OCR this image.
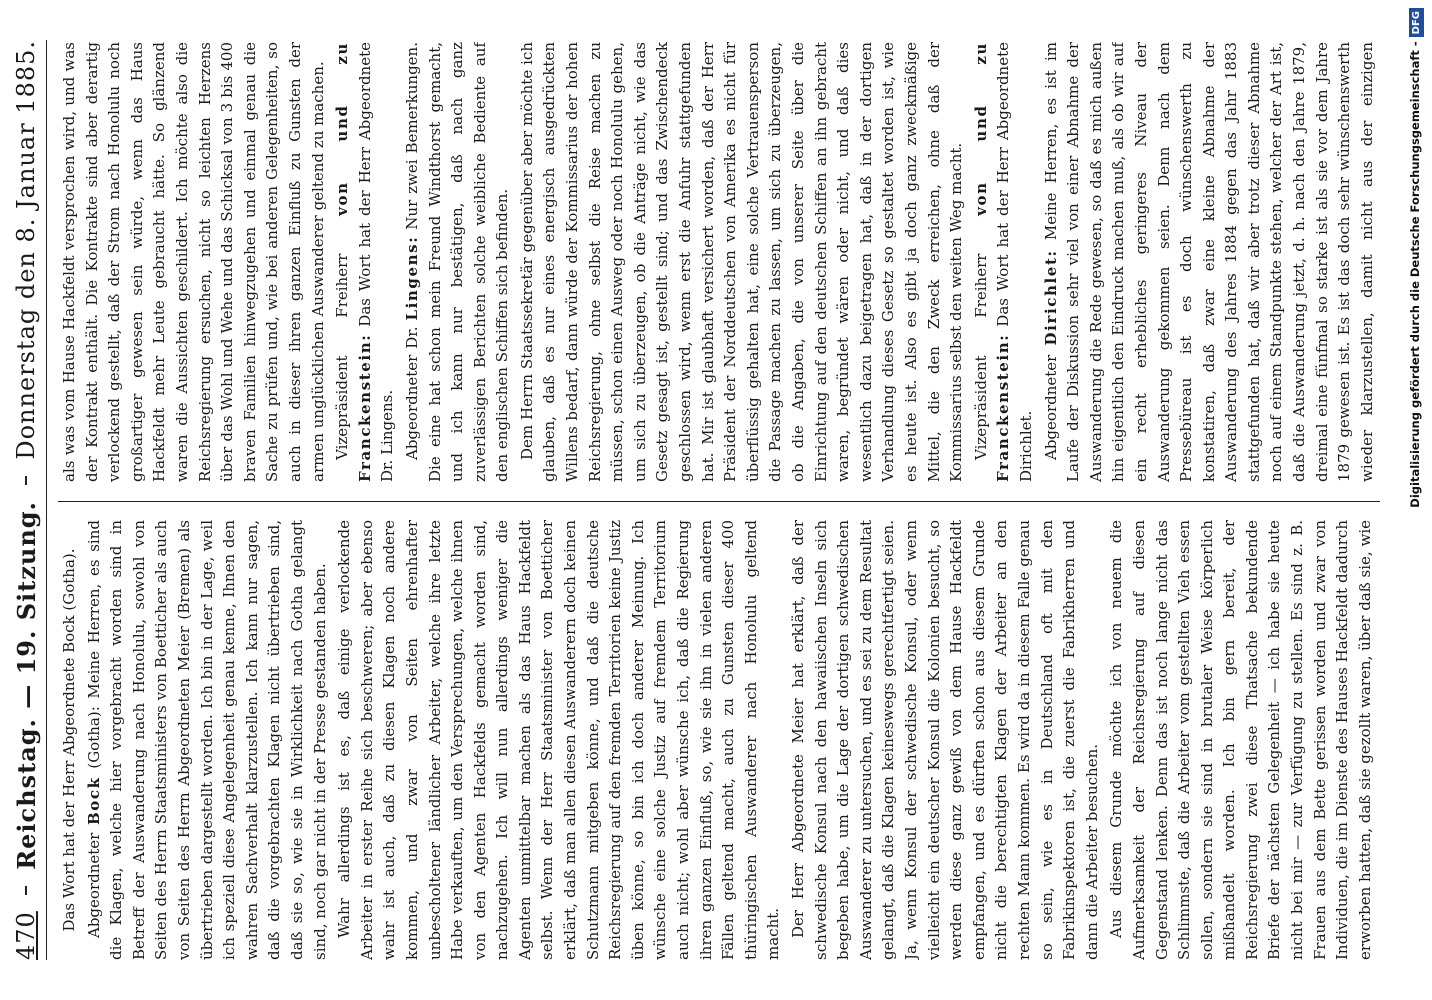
470
Reichstag. — 19. Sitzung.
Donnerstag den 8. Januar 1885.

Das Wort hat der Herr Abgeordnete Bock (Gotha). Abgeordneter Bock (Gotha): Meine Herren, es sind die Klagen, welche hier vorgebracht worden sind in Betreff der Auswanderung nach Honolulu, sowohl von Seiten des Herrn Staatsministers von Boetticher als auch von Seiten des Herrn Abgeordneten Meier (Bremen) als übertrieben dargestellt worden. Ich bin in der Lage, weil ich speziell diese Angelegenheit genau kenne, Ihnen den wahren Sachverhalt klarzustellen. Ich kann nur sagen, daß die vorgebrachten Klagen nicht übertrieben sind, daß sie so, wie sie in Wirklichkeit nach Gotha gelangt sind, noch gar nicht in der Presse gestanden haben. Wahr allerdings ist es, daß einige verlockende Arbeiter in erster Reihe sich beschweren; aber ebenso wahr ist auch, daß zu diesen Klagen noch andere kommen, und zwar von Seiten ehrenhafter unbescholtener ländlicher Arbeiter, welche ihre letzte Habe verkauften, um den Versprechungen, welche ihnen von den Agenten Hackfelds gemacht worden sind, nachzugehen. Ich will nun allerdings weniger die Agenten unmittelbar machen als das Haus Hackfeldt selbst. Wenn der Herr Staatsminister von Boetticher erklärt, daß man allen diesen Auswanderern doch keinen Schutzmann mitgeben könne, und daß die deutsche Reichsregierung auf den fremden Territorien keine Justiz üben könne, so bin ich doch anderer Meinung. Ich wünsche eine solche Justiz auf fremdem Territorium auch nicht; wohl aber wünsche ich, daß die Regierung ihren ganzen Einfluß, so, wie sie ihn in vielen anderen Fällen geltend macht, auch zu Gunsten dieser 400 thüringischen Auswanderer nach Honolulu geltend macht. Der Herr Abgeordnete Meier hat erklärt, daß der schwedische Konsul nach den hawaiischen Inseln sich begeben habe, um die Lage der dortigen schwedischen Auswanderer zu untersuchen, und es sei zu dem Resultat gelangt, daß die Klagen keineswegs gerechtfertigt seien. Ja, wenn Konsul der schwedische Konsul, oder wenn vielleicht ein deutscher Konsul die Kolonien besucht, so werden diese ganz gewiß von dem Hause Hackfeldt empfangen, und es dürften schon aus diesem Grunde nicht die berechtigten Klagen der Arbeiter an den rechten Mann kommen. Es wird da in diesem Falle genau so sein, wie es in Deutschland oft mit den Fabrikinspektoren ist, die zuerst die Fabrikherren und dann die Arbeiter besuchen. Aus diesem Grunde möchte ich von neuem die Aufmerksamkeit der Reichsregierung auf diesen Gegenstand lenken. Denn das ist noch lange nicht das Schlimmste, daß die Arbeiter vom gestellten Vieh essen sollen, sondern sie sind in brutaler Weise körperlich mißhandelt worden. Ich bin gern bereit, der Reichsregierung zwei diese Thatsache bekundende Briefe der nächsten Gelegenheit — ich habe sie heute nicht bei mir — zur Verfügung zu stellen. Es sind z. B. Frauen aus dem Bette gerissen worden und zwar von Individuen, die im Dienste des Hauses Hackfeldt dadurch erworben hatten, daß sie gezollt waren, über daß sie, wie

als was vom Hause Hackfeldt versprochen wird, und was der Kontrakt enthält. Die Kontrakte sind aber derartig verlockend gestellt, daß der Strom nach Honolulu noch großartiger gewesen sein würde, wenn das Haus Hackfeldt mehr Leute gebraucht hätte. So glänzend waren die Aussichten geschildert. Ich möchte also die Reichsregierung ersuchen, nicht so leichten Herzens über das Wohl und Wehe und das Schicksal von 3 bis 400 braven Familien hinwegzugehen und einmal genau die Sache zu prüfen und, wie bei anderen Gelegenheiten, so auch in dieser ihren ganzen Einfluß zu Gunsten der armen unglücklichen Auswanderer geltend zu machen. Vizepräsident Freiherr von und zu Franckenstein: Das Wort hat der Herr Abgeordnete Dr. Lingens. Abgeordneter Dr. Lingens: Nur zwei Bemerkungen. Die eine hat schon mein Freund Windthorst gemacht, und ich kann nur bestätigen, daß nach ganz zuverlässigen Berichten solche weibliche Bediente auf den englischen Schiffen sich befinden. Dem Herrn Staatssekretär gegenüber aber möchte ich glauben, daß es nur eines energisch ausgedrückten Willens bedarf, dann würde der Kommissarius der hohen Reichsregierung, ohne selbst die Reise machen zu müssen, schon einen Ausweg oder noch Honolulu gehen, um sich zu überzeugen, ob die Anträge nicht, wie das Gesetz gesagt ist, gestellt sind; und das Zwischendeck geschlossen wird, wenn erst die Anfuhr stattgefunden hat. Mir ist glaubhaft versichert worden, daß der Herr Präsident der Norddeutschen von Amerika es nicht für überflüssig gehalten hat, eine solche Vertrauensperson die Passage machen zu lassen, um sich zu überzeugen, ob die Angaben, die von unserer Seite über die Einrichtung auf den deutschen Schiffen an ihn gebracht waren, begründet wären oder nicht, und daß dies wesentlich dazu beigetragen hat, daß in der dortigen Verhandlung dieses Gesetz so gestaltet worden ist, wie es heute ist. Also es gibt ja doch ganz zweckmäßige Mittel, die den Zweck erreichen, ohne daß der Kommissarius selbst den weiten Weg macht. Vizepräsident Freiherr von und zu Franckenstein: Das Wort hat der Herr Abgeordnete Dirichlet. Abgeordneter Dirichlet: Meine Herren, es ist im Laufe der Diskussion sehr viel von einer Abnahme der Auswanderung die Rede gewesen, so daß es mich außen hin eigentlich den Eindruck machen muß, als ob wir auf ein recht erhebliches geringeres Niveau der Auswanderung gekommen seien. Denn nach dem Pressebüreau ist es doch wünschenswerth zu konstatiren, daß zwar eine kleine Abnahme der Auswanderung des Jahres 1884 gegen das Jahr 1883 stattgefunden hat, daß wir aber trotz dieser Abnahme noch auf einem Standpunkte stehen, welcher der Art ist, daß die Auswanderung jetzt, d. h. nach den Jahre 1879, dreimal eine fünfmal so starke ist als sie vor dem Jahre 1879 gewesen ist. Es ist das doch sehr wünschenswerth wieder klarzustellen, damit nicht aus der einzigen	Digitalisierung gefördert durch die Deutsche Forschungsgemeinschaft -DFG
